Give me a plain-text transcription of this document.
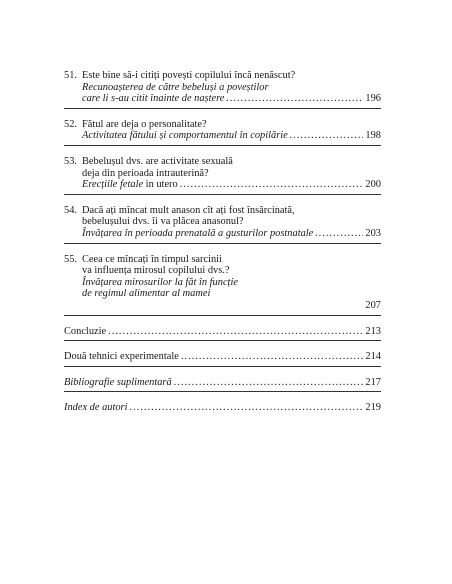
51. Este bine să-i citiți povești copilului încă nenăscut?
Recunoașterea de către bebeluși a poveștilor
care li s-au citit înainte de naștere .....	196
52. Fătul are deja o personalitate?
Activitatea fătului și comportamentul în copilărie .....	198
53. Bebelușul dvs. are activitate sexuală
deja din perioada intrauterină?
Erecțiile fetale in utero .....	200
54. Dacă ați mîncat mult anason cît ați fost însărcinată,
bebelușului dvs. îi va plăcea anasonul?
Învățarea în perioada prenatală a gusturilor postnatale .....	203
55. Ceea ce mîncați în timpul sarcinii
va influența mirosul copilului dvs.?
Învățarea mirosurilor la făt în funcție
de regimul alimentar al mamei
207
Concluzie .....	213
Două tehnici experimentale .....	214
Bibliografie suplimentară .....	217
Index de autori .....	219
